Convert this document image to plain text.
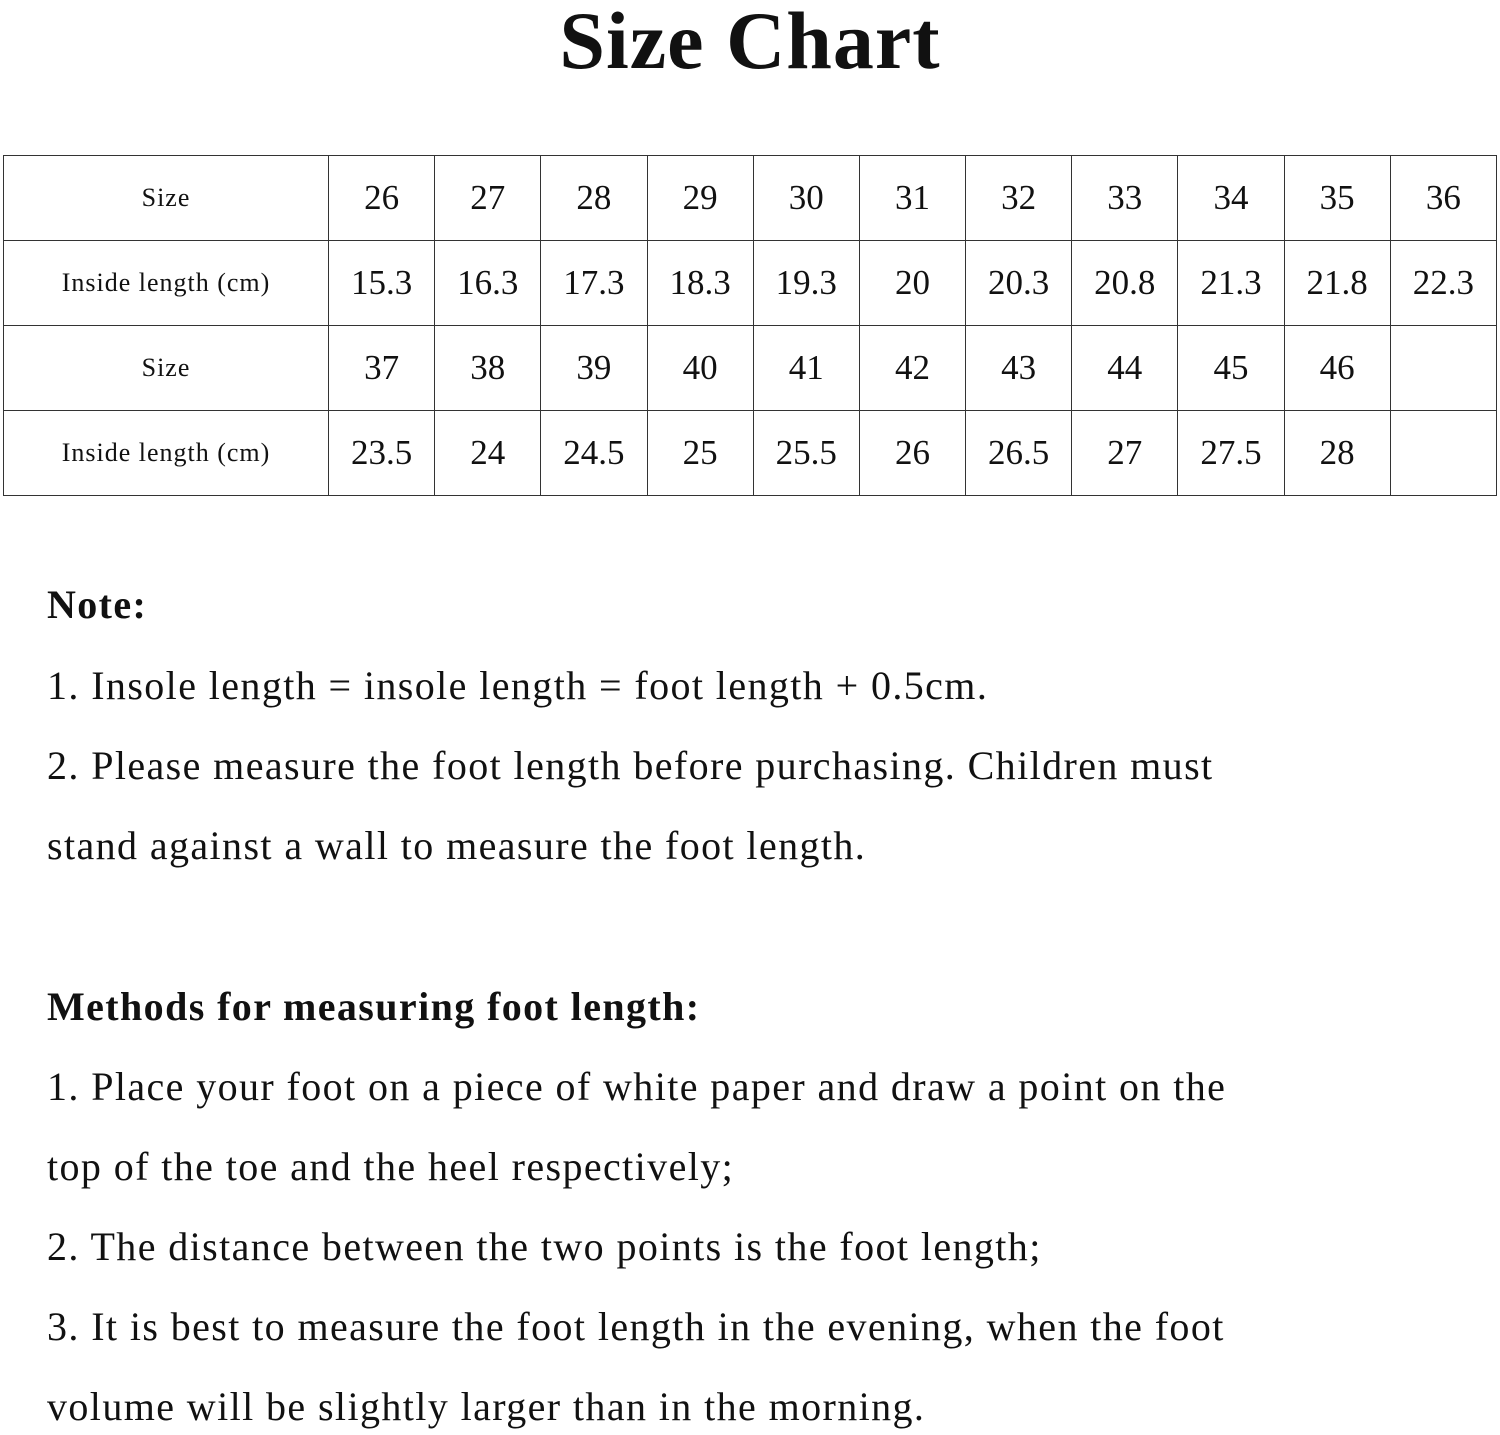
Size Chart
Size	26	27	28	29	30	31	32	33	34	35	36
Inside length (cm)	15.3	16.3	17.3	18.3	19.3	20	20.3	20.8	21.3	21.8	22.3
Size	37	38	39	40	41	42	43	44	45	46	
Inside length (cm)	23.5	24	24.5	25	25.5	26	26.5	27	27.5	28	
Note:
1. Insole length = insole length = foot length + 0.5cm.
2. Please measure the foot length before purchasing. Children must
stand against a wall to measure the foot length.
Methods for measuring foot length:
1. Place your foot on a piece of white paper and draw a point on the
top of the toe and the heel respectively;
2. The distance between the two points is the foot length;
3. It is best to measure the foot length in the evening, when the foot
volume will be slightly larger than in the morning.
